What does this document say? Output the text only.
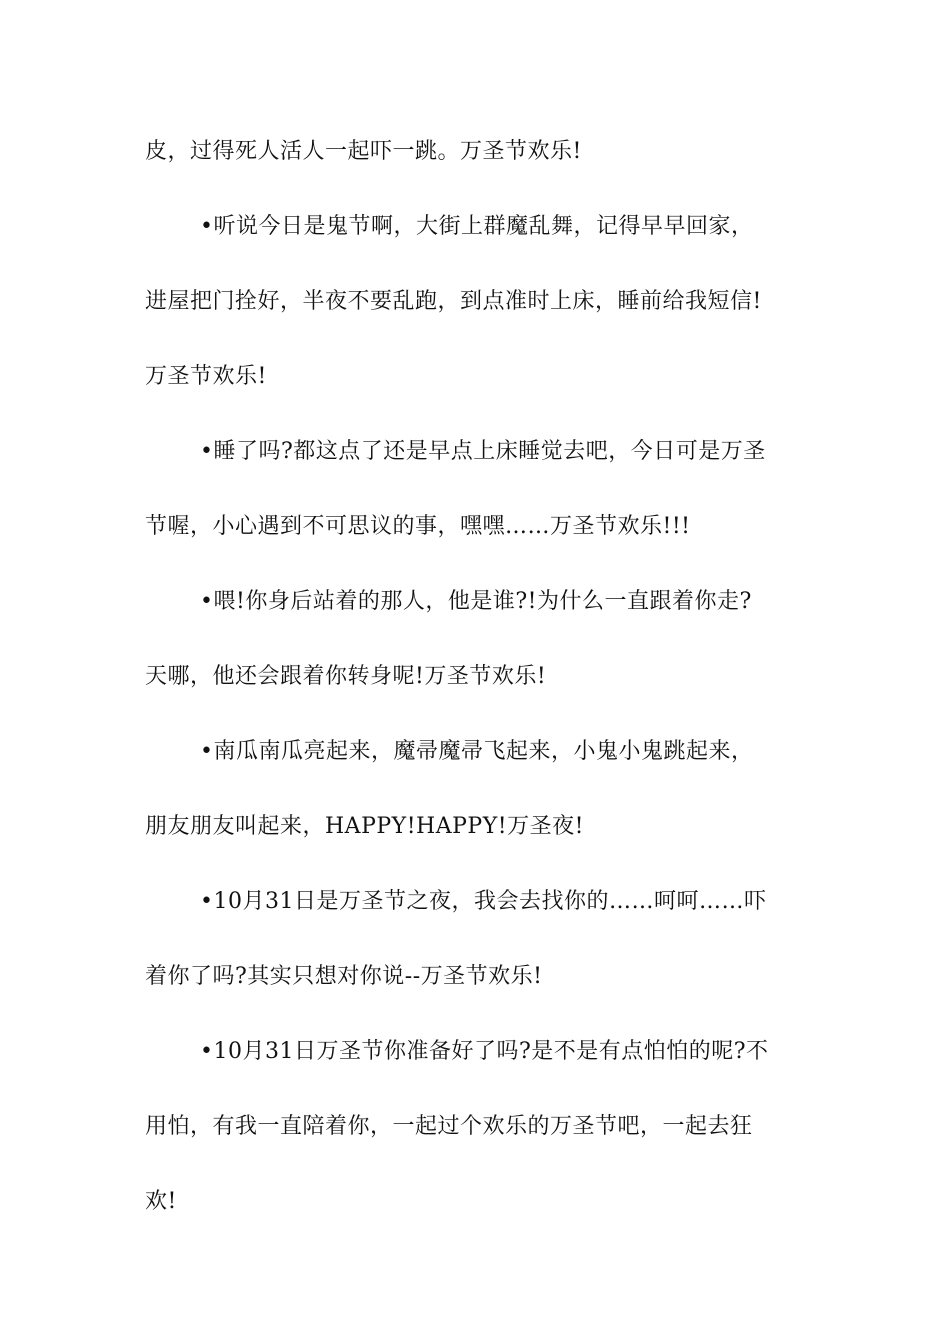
皮，过得死人活人一起吓一跳。万圣节欢乐!
•听说今日是鬼节啊，大街上群魔乱舞，记得早早回家，
进屋把门拴好，半夜不要乱跑，到点准时上床，睡前给我短信!
万圣节欢乐!
•睡了吗?都这点了还是早点上床睡觉去吧，今日可是万圣
节喔，小心遇到不可思议的事，嘿嘿……万圣节欢乐!!!
•喂!你身后站着的那人，他是谁?!为什么一直跟着你走?
天哪，他还会跟着你转身呢!万圣节欢乐!
•南瓜南瓜亮起来，魔帚魔帚飞起来，小鬼小鬼跳起来，
朋友朋友叫起来，HAPPY!HAPPY!万圣夜!
•10月31日是万圣节之夜，我会去找你的……呵呵……吓
着你了吗?其实只想对你说--万圣节欢乐!
•10月31日万圣节你准备好了吗?是不是有点怕怕的呢?不
用怕，有我一直陪着你，一起过个欢乐的万圣节吧，一起去狂
欢!
